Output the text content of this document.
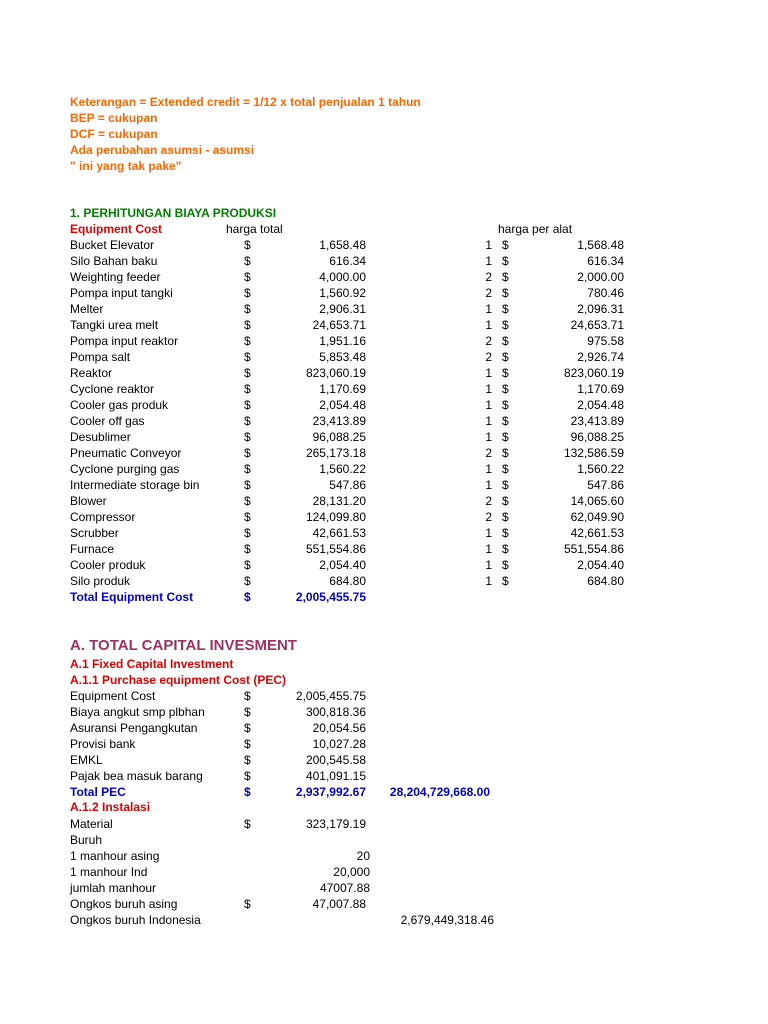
Keterangan = Extended credit = 1/12 x total penjualan 1 tahun
BEP = cukupan
DCF = cukupan
Ada perubahan asumsi - asumsi
" ini yang tak pake"
1. PERHITUNGAN BIAYA PRODUKSI
Equipment Cost	harga total	harga per alat
Bucket Elevator	$	1,658.48	1 $	1,568.48
Silo Bahan baku	$	616.34	1 $	616.34
Weighting feeder	$	4,000.00	2 $	2,000.00
Pompa input tangki	$	1,560.92	2 $	780.46
Melter	$	2,906.31	1 $	2,096.31
Tangki urea melt	$	24,653.71	1 $	24,653.71
Pompa input reaktor	$	1,951.16	2 $	975.58
Pompa salt	$	5,853.48	2 $	2,926.74
Reaktor	$	823,060.19	1 $	823,060.19
Cyclone reaktor	$	1,170.69	1 $	1,170.69
Cooler gas produk	$	2,054.48	1 $	2,054.48
Cooler off gas	$	23,413.89	1 $	23,413.89
Desublimer	$	96,088.25	1 $	96,088.25
Pneumatic Conveyor	$	265,173.18	2 $	132,586.59
Cyclone purging gas	$	1,560.22	1 $	1,560.22
Intermediate storage bin	$	547.86	1 $	547.86
Blower	$	28,131.20	2 $	14,065.60
Compressor	$	124,099.80	2 $	62,049.90
Scrubber	$	42,661.53	1 $	42,661.53
Furnace	$	551,554.86	1 $	551,554.86
Cooler produk	$	2,054.40	1 $	2,054.40
Silo produk	$	684.80	1 $	684.80
Total Equipment Cost	$	2,005,455.75
A. TOTAL CAPITAL INVESMENT
A.1 Fixed Capital Investment
A.1.1 Purchase equipment Cost (PEC)
Equipment Cost	$	2,005,455.75
Biaya angkut smp plbhan	$	300,818.36
Asuransi Pengangkutan	$	20,054.56
Provisi bank	$	10,027.28
EMKL	$	200,545.58
Pajak bea masuk barang	$	401,091.15
Total PEC	$	2,937,992.67	28,204,729,668.00
A.1.2 Instalasi
Material	$	323,179.19
Buruh
1 manhour asing	20
1 manhour Ind	20,000
jumlah manhour	47007.88
Ongkos buruh asing	$	47,007.88
Ongkos buruh Indonesia	2,679,449,318.46
